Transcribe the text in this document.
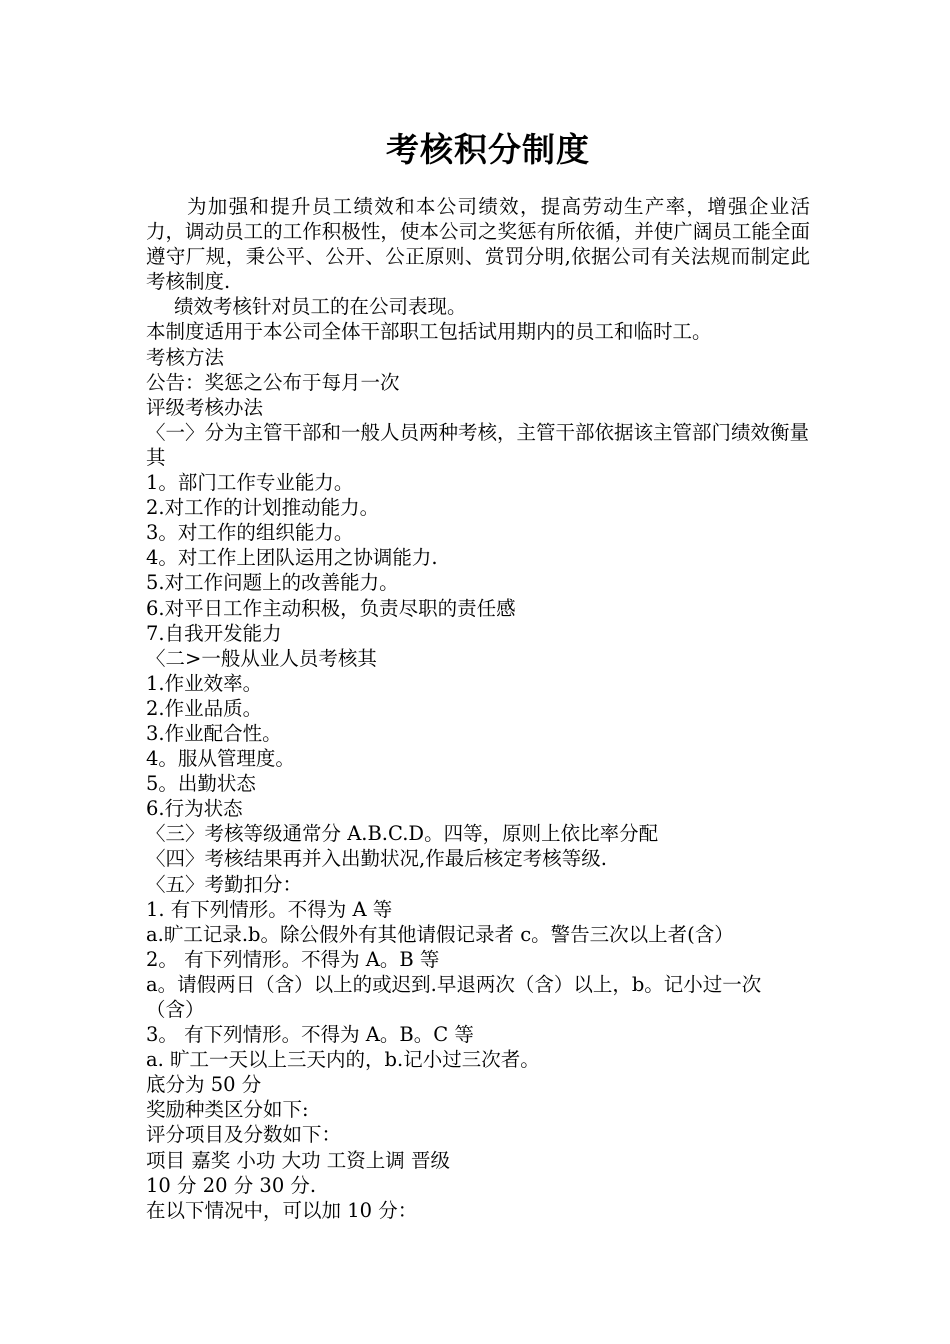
考核积分制度

为加强和提升员工绩效和本公司绩效，提高劳动生产率，增强企业活力，调动员工的工作积极性，使本公司之奖惩有所依循，并使广阔员工能全面遵守厂规，秉公平、公开、公正原则、赏罚分明,依据公司有关法规而制定此考核制度.

绩效考核针对员工的在公司表现。

本制度适用于本公司全体干部职工包括试用期内的员工和临时工。

考核方法

公告：奖惩之公布于每月一次

评级考核办法

〈一〉分为主管干部和一般人员两种考核，主管干部依据该主管部门绩效衡量其

1。部门工作专业能力。

2.对工作的计划推动能力。

3。对工作的组织能力。

4。对工作上团队运用之协调能力.

5.对工作问题上的改善能力。

6.对平日工作主动积极，负责尽职的责任感

7.自我开发能力

〈二>一般从业人员考核其

1.作业效率。

2.作业品质。

3.作业配合性。

4。服从管理度。

5。出勤状态

6.行为状态

〈三〉考核等级通常分 A.B.C.D。四等，原则上依比率分配

〈四〉考核结果再并入出勤状况,作最后核定考核等级.

〈五〉考勤扣分：

1. 有下列情形。不得为 A 等

a.旷工记录.b。除公假外有其他请假记录者 c。警告三次以上者(含）

2。 有下列情形。不得为 A。B 等

a。请假两日（含）以上的或迟到.早退两次（含）以上，b。记小过一次（含）

3。 有下列情形。不得为 A。B。C 等

a. 旷工一天以上三天内的，b.记小过三次者。

底分为 50 分

奖励种类区分如下:

评分项目及分数如下：

项目 嘉奖 小功 大功 工资上调 晋级

10 分 20 分 30 分.

在以下情况中，可以加 10 分：
